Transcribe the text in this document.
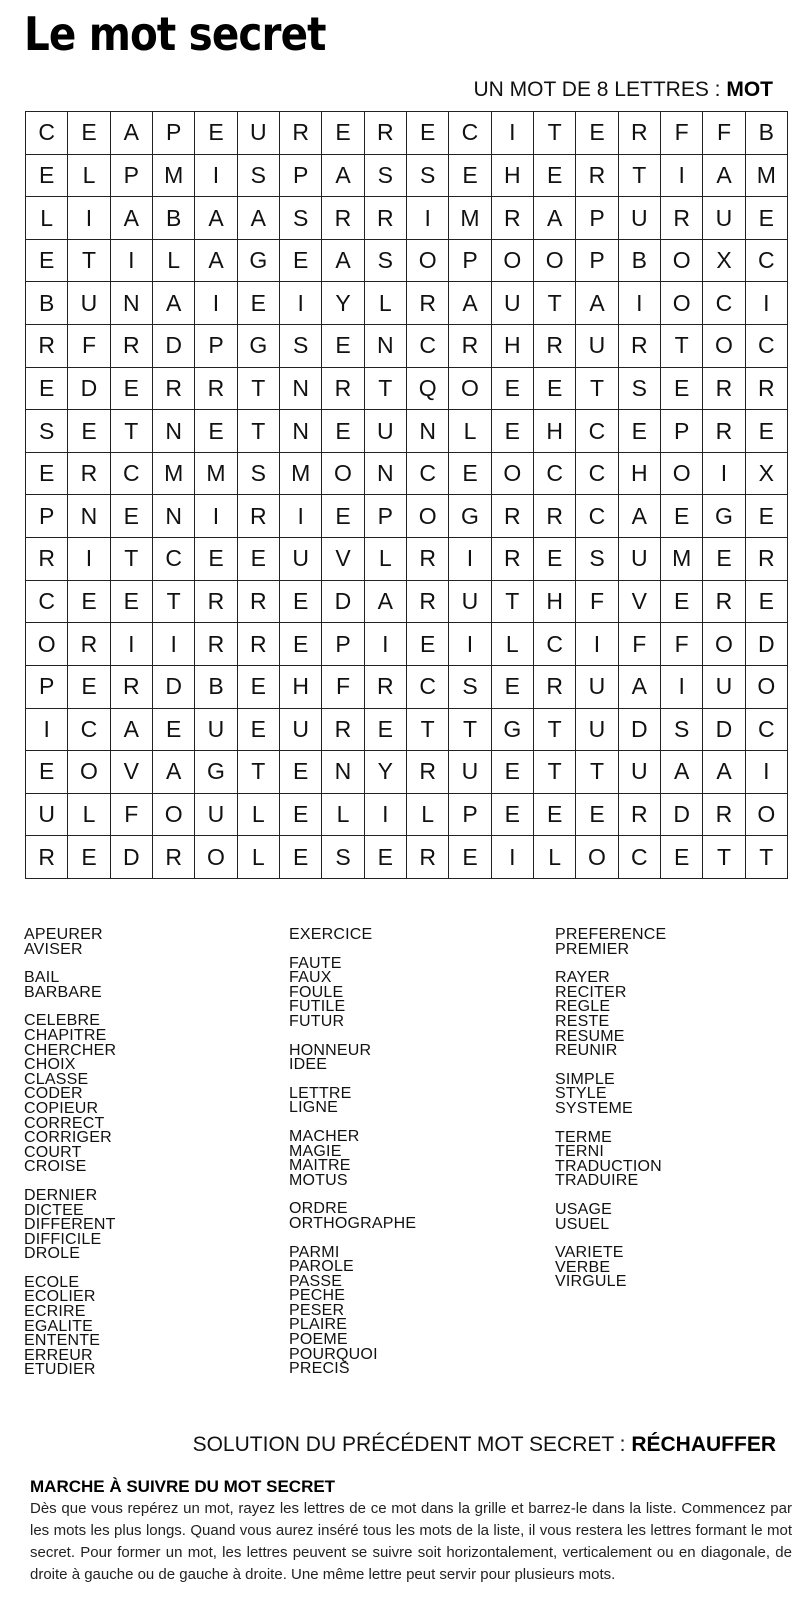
Le mot secret
UN MOT DE 8 LETTRES : MOT
C	E	A	P	E	U	R	E	R	E	C	I	T	E	R	F	F	B
E	L	P	M	I	S	P	A	S	S	E	H	E	R	T	I	A	M
L	I	A	B	A	A	S	R	R	I	M	R	A	P	U	R	U	E
E	T	I	L	A	G	E	A	S	O	P	O	O	P	B	O	X	C
B	U	N	A	I	E	I	Y	L	R	A	U	T	A	I	O	C	I
R	F	R	D	P	G	S	E	N	C	R	H	R	U	R	T	O	C
E	D	E	R	R	T	N	R	T	Q	O	E	E	T	S	E	R	R
S	E	T	N	E	T	N	E	U	N	L	E	H	C	E	P	R	E
E	R	C	M	M	S	M	O	N	C	E	O	C	C	H	O	I	X
P	N	E	N	I	R	I	E	P	O	G	R	R	C	A	E	G	E
R	I	T	C	E	E	U	V	L	R	I	R	E	S	U	M	E	R
C	E	E	T	R	R	E	D	A	R	U	T	H	F	V	E	R	E
O	R	I	I	R	R	E	P	I	E	I	L	C	I	F	F	O	D
P	E	R	D	B	E	H	F	R	C	S	E	R	U	A	I	U	O
I	C	A	E	U	E	U	R	E	T	T	G	T	U	D	S	D	C
E	O	V	A	G	T	E	N	Y	R	U	E	T	T	U	A	A	I
U	L	F	O	U	L	E	L	I	L	P	E	E	E	R	D	R	O
R	E	D	R	O	L	E	S	E	R	E	I	L	O	C	E	T	T
APEURER
AVISER
BAIL
BARBARE
CELEBRE
CHAPITRE
CHERCHER
CHOIX
CLASSE
CODER
COPIEUR
CORRECT
CORRIGER
COURT
CROISE
DERNIER
DICTEE
DIFFERENT
DIFFICILE
DROLE
ECOLE
ECOLIER
ECRIRE
EGALITE
ENTENTE
ERREUR
ETUDIER
EXERCICE
FAUTE
FAUX
FOULE
FUTILE
FUTUR
HONNEUR
IDEE
LETTRE
LIGNE
MACHER
MAGIE
MAITRE
MOTUS
ORDRE
ORTHOGRAPHE
PARMI
PAROLE
PASSE
PECHE
PESER
PLAIRE
POEME
POURQUOI
PRECIS
PREFERENCE
PREMIER
RAYER
RECITER
REGLE
RESTE
RESUME
REUNIR
SIMPLE
STYLE
SYSTEME
TERME
TERNI
TRADUCTION
TRADUIRE
USAGE
USUEL
VARIETE
VERBE
VIRGULE
SOLUTION DU PRÉCÉDENT MOT SECRET : RÉCHAUFFER
MARCHE À SUIVRE DU MOT SECRET

Dès que vous repérez un mot, rayez les lettres de ce mot dans la grille et barrez-le dans la liste. Commencez par les mots les plus longs. Quand vous aurez inséré tous les mots de la liste, il vous restera les lettres formant le mot secret. Pour former un mot, les lettres peuvent se suivre soit horizontalement, verticalement ou en diagonale, de droite à gauche ou de gauche à droite. Une même lettre peut servir pour plusieurs mots.
